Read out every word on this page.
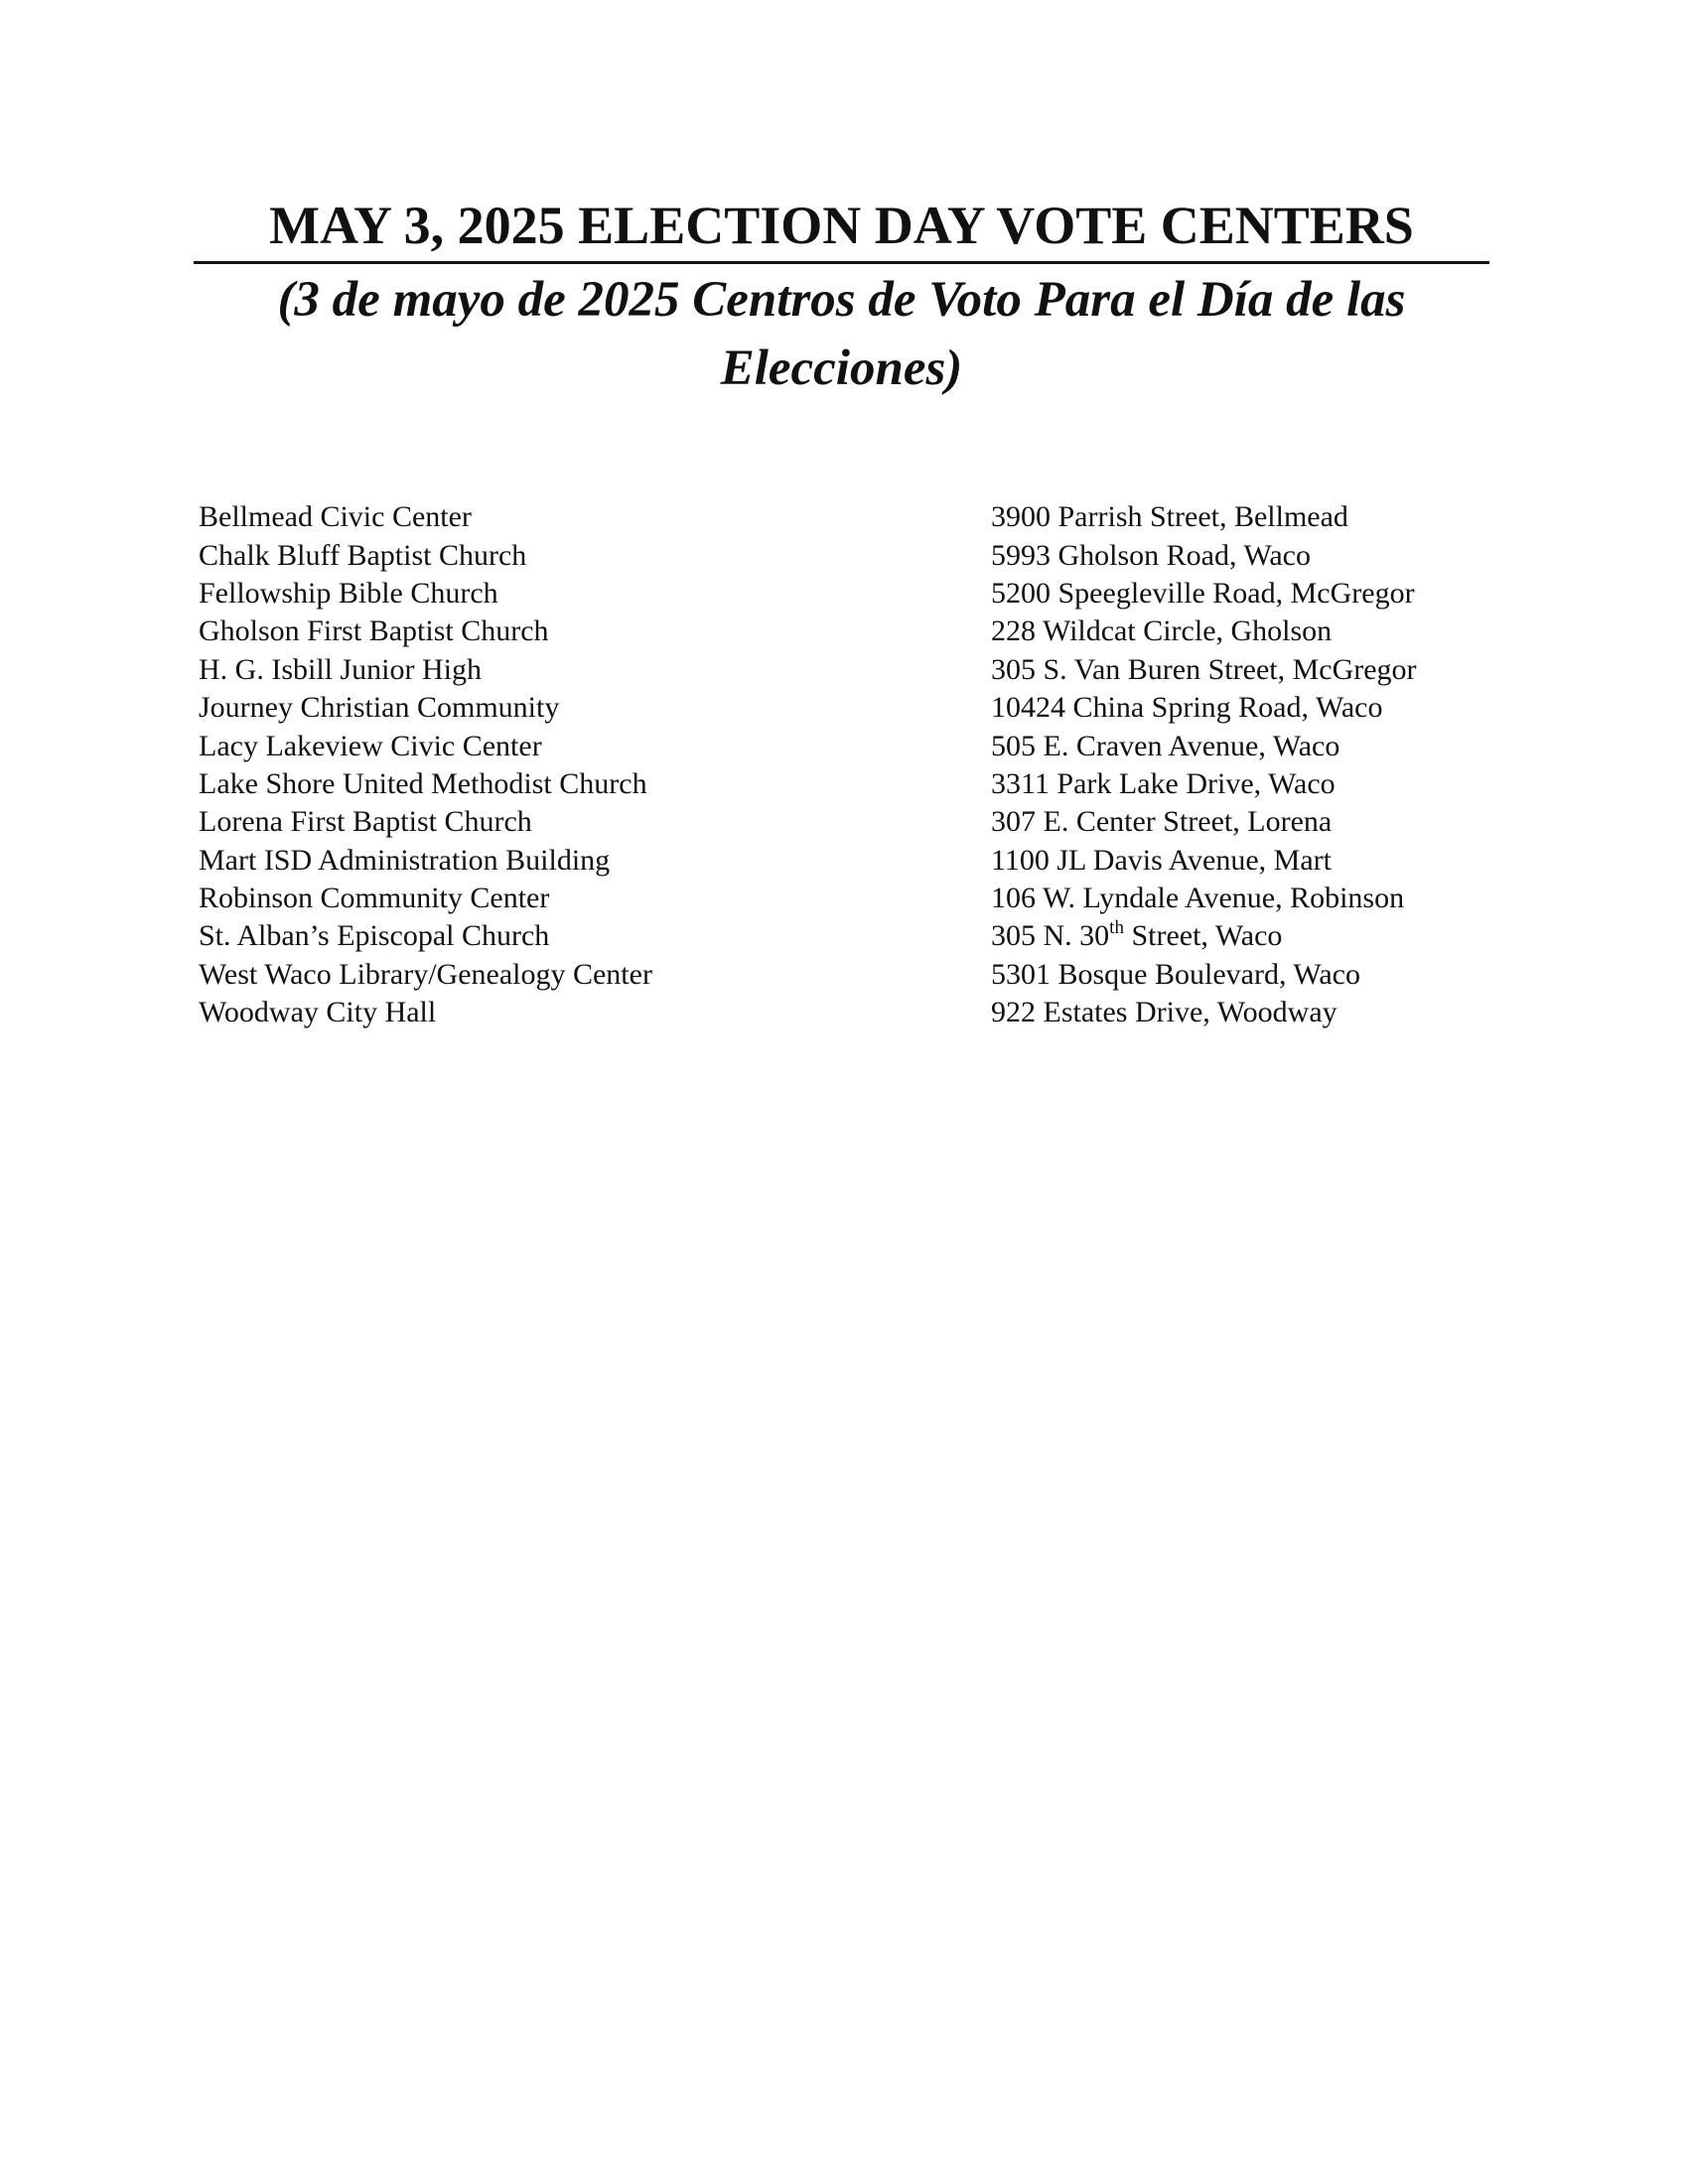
MAY 3, 2025 ELECTION DAY VOTE CENTERS
(3 de mayo de 2025 Centros de Voto Para el Día de las
Elecciones)
Bellmead Civic Center	3900 Parrish Street, Bellmead
Chalk Bluff Baptist Church	5993 Gholson Road, Waco
Fellowship Bible Church	5200 Speegleville Road, McGregor
Gholson First Baptist Church	228 Wildcat Circle, Gholson
H. G. Isbill Junior High	305 S. Van Buren Street, McGregor
Journey Christian Community	10424 China Spring Road, Waco
Lacy Lakeview Civic Center	505 E. Craven Avenue, Waco
Lake Shore United Methodist Church	3311 Park Lake Drive, Waco
Lorena First Baptist Church	307 E. Center Street, Lorena
Mart ISD Administration Building	1100 JL Davis Avenue, Mart
Robinson Community Center	106 W. Lyndale Avenue, Robinson
St. Alban’s Episcopal Church	305 N. 30th Street, Waco
West Waco Library/Genealogy Center	5301 Bosque Boulevard, Waco
Woodway City Hall	922 Estates Drive, Woodway
